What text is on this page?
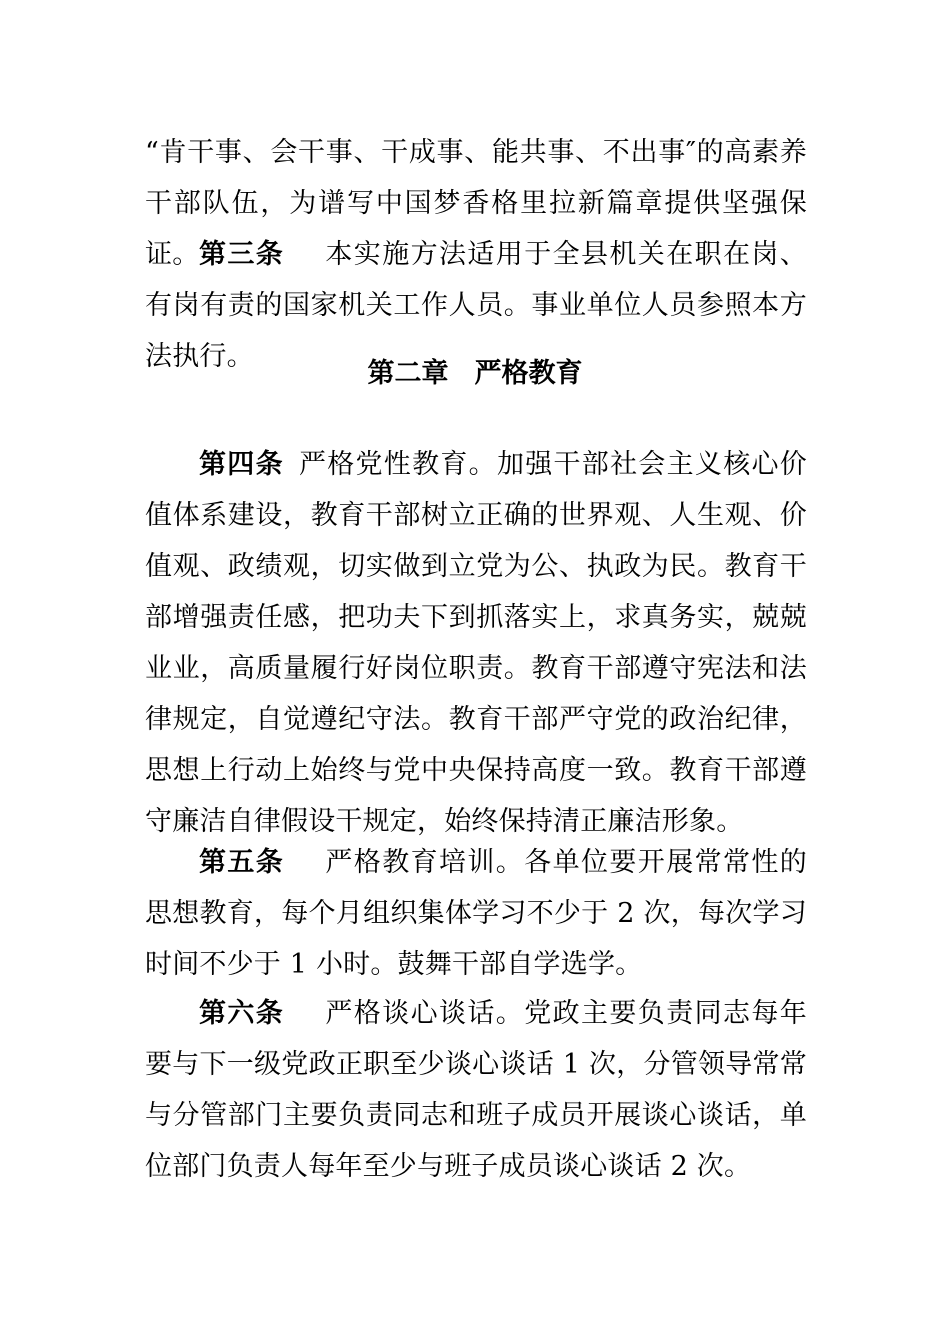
“肯干事、会干事、干成事、能共事、不出事″的高素养干部队伍，为谱写中国梦香格里拉新篇章提供坚强保证。 第三条 本实施方法适用于全县机关在职在岗、有岗有责的国家机关工作人员。事业单位人员参照本方法执行。

第二章 严格教育

第四条 严格党性教育。加强干部社会主义核心价值体系建设，教育干部树立正确的世界观、人生观、价值观、政绩观，切实做到立党为公、执政为民。教育干部增强责任感，把功夫下到抓落实上，求真务实，兢兢业业，高质量履行好岗位职责。教育干部遵守宪法和法律规定，自觉遵纪守法。教育干部严守党的政治纪律，思想上行动上始终与党中央保持高度一致。教育干部遵守廉洁自律假设干规定，始终保持清正廉洁形象。

第五条 严格教育培训。各单位要开展常常性的思想教育，每个月组织集体学习不少于 2 次，每次学习时间不少于 1 小时。鼓舞干部自学选学。

第六条 严格谈心谈话。党政主要负责同志每年要与下一级党政正职至少谈心谈话 1 次，分管领导常常与分管部门主要负责同志和班子成员开展谈心谈话，单位部门负责人每年至少与班子成员谈心谈话 2 次。
